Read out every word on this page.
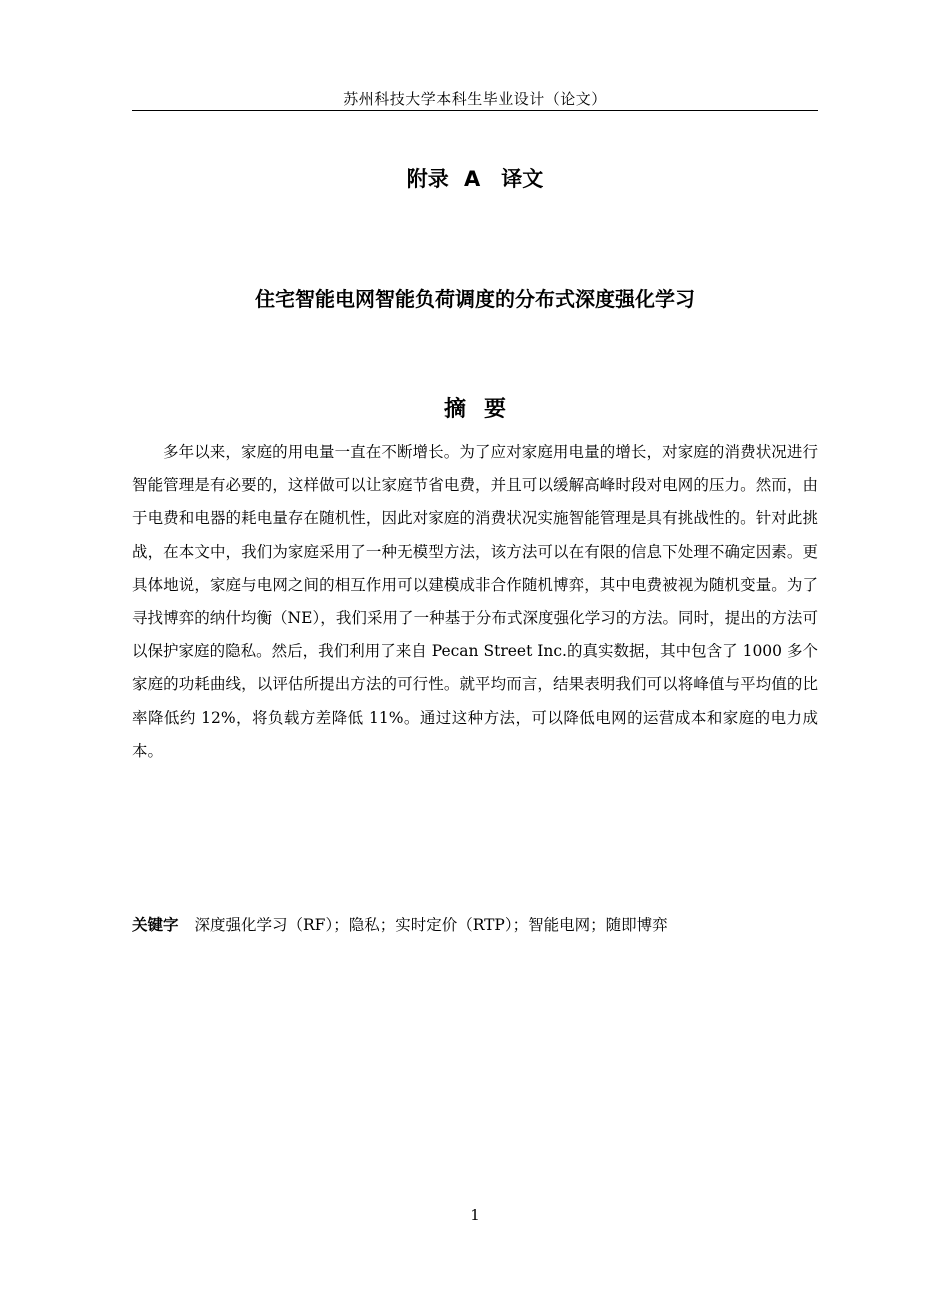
苏州科技大学本科生毕业设计（论文）
附录 A　译文
住宅智能电网智能负荷调度的分布式深度强化学习
摘要

多年以来，家庭的用电量一直在不断增长。为了应对家庭用电量的增长，对家庭的消费状况进行智能管理是有必要的，这样做可以让家庭节省电费，并且可以缓解高峰时段对电网的压力。然而，由于电费和电器的耗电量存在随机性，因此对家庭的消费状况实施智能管理是具有挑战性的。针对此挑战，在本文中，我们为家庭采用了一种无模型方法，该方法可以在有限的信息下处理不确定因素。更具体地说，家庭与电网之间的相互作用可以建模成非合作随机博弈，其中电费被视为随机变量。为了寻找博弈的纳什均衡（NE），我们采用了一种基于分布式深度强化学习的方法。同时，提出的方法可以保护家庭的隐私。然后，我们利用了来自 Pecan Street Inc.的真实数据，其中包含了 1000 多个家庭的功耗曲线，以评估所提出方法的可行性。就平均而言，结果表明我们可以将峰值与平均值的比率降低约 12%，将负载方差降低 11%。通过这种方法，可以降低电网的运营成本和家庭的电力成本。

关键字 深度强化学习（RF）；隐私；实时定价（RTP）；智能电网；随即博弈
1
